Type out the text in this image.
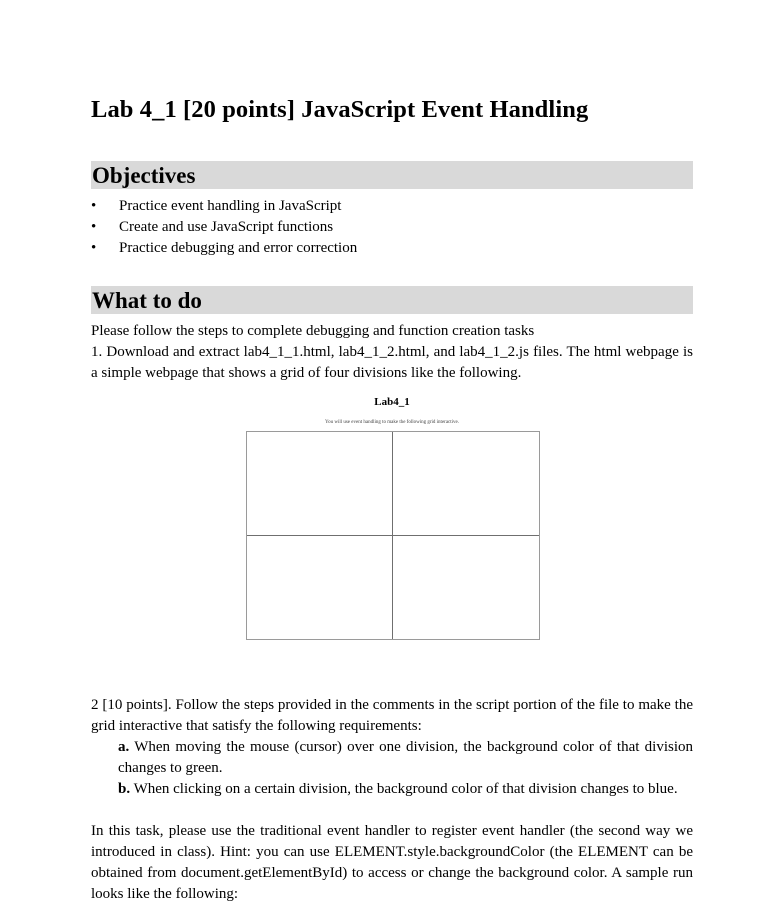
Lab 4_1 [20 points] JavaScript Event Handling
Objectives
• Practice event handling in JavaScript
• Create and use JavaScript functions
• Practice debugging and error correction
What to do
Please follow the steps to complete debugging and function creation tasks
1. Download and extract lab4_1_1.html, lab4_1_2.html, and lab4_1_2.js files. The html webpage is a simple webpage that shows a grid of four divisions like the following.
Lab4_1
You will use event handling to make the following grid interactive.
2 [10 points]. Follow the steps provided in the comments in the script portion of the file to make the grid interactive that satisfy the following requirements:
a. When moving the mouse (cursor) over one division, the background color of that division changes to green.
b. When clicking on a certain division, the background color of that division changes to blue.
In this task, please use the traditional event handler to register event handler (the second way we introduced in class). Hint: you can use ELEMENT.style.backgroundColor (the ELEMENT can be obtained from document.getElementById) to access or change the background color. A sample run looks like the following:
